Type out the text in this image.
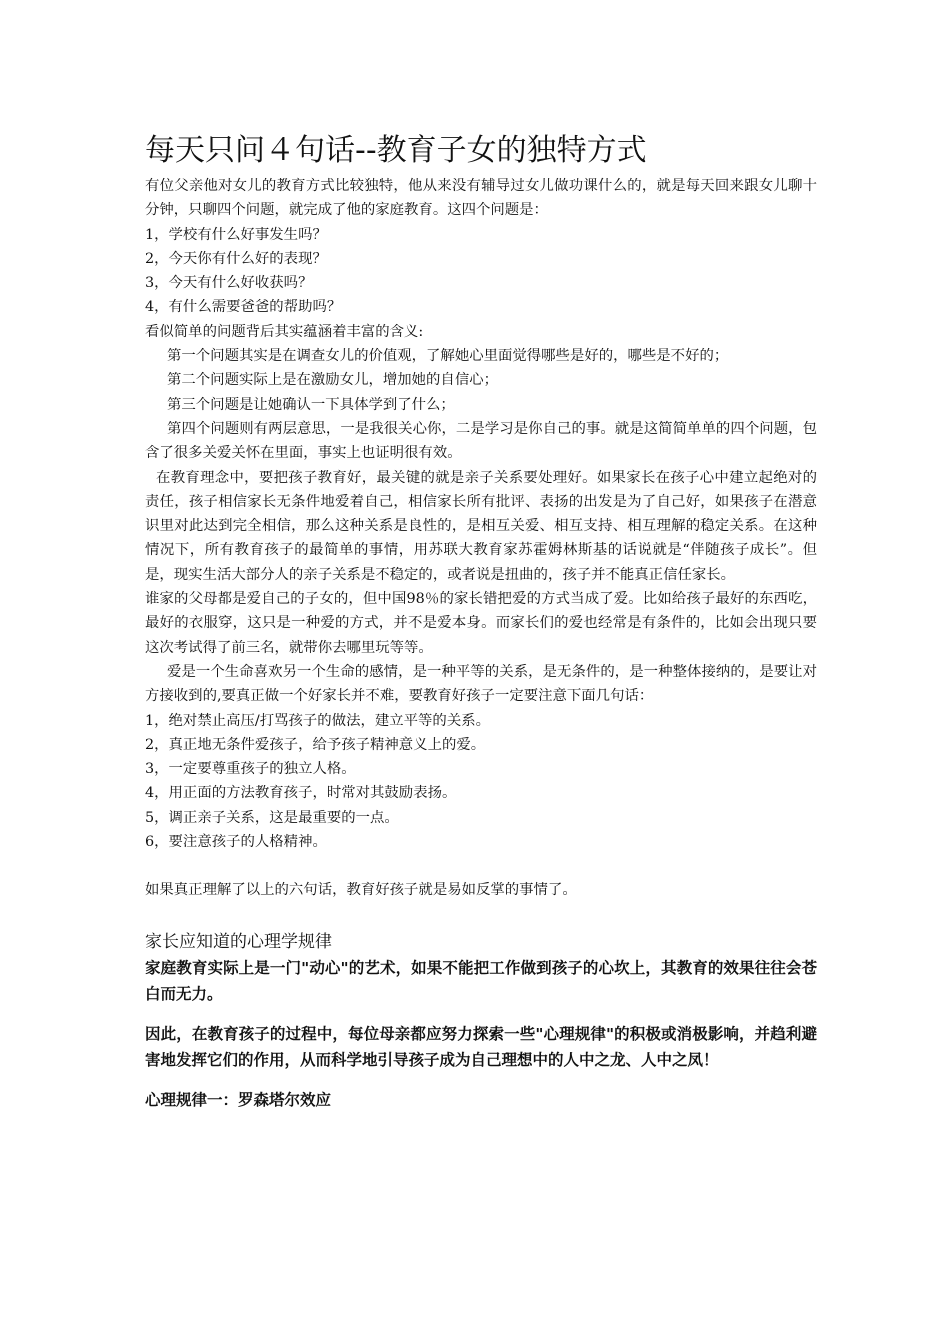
每天只问４句话--教育子女的独特方式

有位父亲他对女儿的教育方式比较独特，他从来没有辅导过女儿做功课什么的，就是每天回来跟女儿聊十分钟，只聊四个问题，就完成了他的家庭教育。这四个问题是：

1，学校有什么好事发生吗？

2，今天你有什么好的表现？

3，今天有什么好收获吗？

4，有什么需要爸爸的帮助吗？

看似简单的问题背后其实蕴涵着丰富的含义:

第一个问题其实是在调查女儿的价值观，了解她心里面觉得哪些是好的，哪些是不好的；

第二个问题实际上是在激励女儿，增加她的自信心；

第三个问题是让她确认一下具体学到了什么；

第四个问题则有两层意思，一是我很关心你，二是学习是你自己的事。就是这简简单单的四个问题，包含了很多关爱关怀在里面，事实上也证明很有效。

在教育理念中，要把孩子教育好，最关键的就是亲子关系要处理好。如果家长在孩子心中建立起绝对的责任，孩子相信家长无条件地爱着自己，相信家长所有批评、表扬的出发是为了自己好，如果孩子在潜意识里对此达到完全相信，那么这种关系是良性的，是相互关爱、相互支持、相互理解的稳定关系。在这种情况下，所有教育孩子的最简单的事情，用苏联大教育家苏霍姆林斯基的话说就是“伴随孩子成长”。但是，现实生活大部分人的亲子关系是不稳定的，或者说是扭曲的，孩子并不能真正信任家长。

谁家的父母都是爱自己的子女的，但中国98％的家长错把爱的方式当成了爱。比如给孩子最好的东西吃，最好的衣服穿，这只是一种爱的方式，并不是爱本身。而家长们的爱也经常是有条件的，比如会出现只要这次考试得了前三名，就带你去哪里玩等等。

爱是一个生命喜欢另一个生命的感情，是一种平等的关系，是无条件的，是一种整体接纳的，是要让对方接收到的,要真正做一个好家长并不难，要教育好孩子一定要注意下面几句话：

1，绝对禁止高压/打骂孩子的做法，建立平等的关系。

2，真正地无条件爱孩子，给予孩子精神意义上的爱。

3，一定要尊重孩子的独立人格。

4，用正面的方法教育孩子，时常对其鼓励表扬。

5，调正亲子关系，这是最重要的一点。

6，要注意孩子的人格精神。

如果真正理解了以上的六句话，教育好孩子就是易如反掌的事情了。

家长应知道的心理学规律

家庭教育实际上是一门"动心"的艺术，如果不能把工作做到孩子的心坎上，其教育的效果往往会苍白而无力。

因此，在教育孩子的过程中，每位母亲都应努力探索一些"心理规律"的积极或消极影响，并趋利避害地发挥它们的作用，从而科学地引导孩子成为自己理想中的人中之龙、人中之凤！

心理规律一：罗森塔尔效应
